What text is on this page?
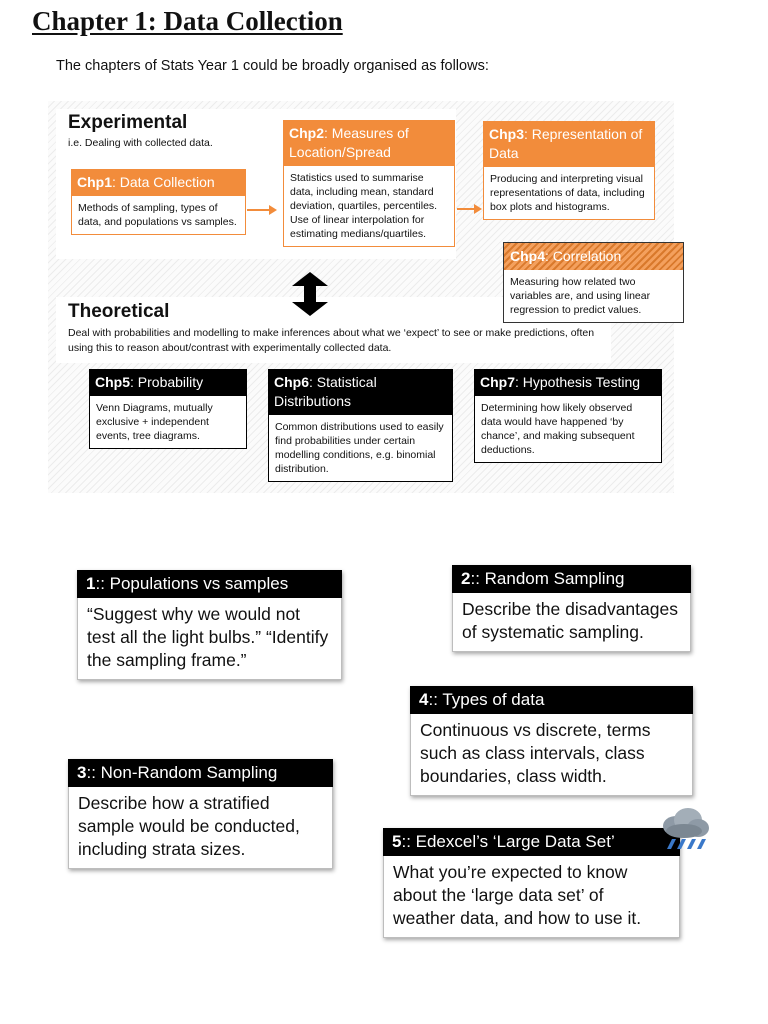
Chapter 1: Data Collection
The chapters of Stats Year 1 could be broadly organised as follows:
Experimental
i.e. Dealing with collected data.
Chp1: Data Collection
Methods of sampling, types of data, and populations vs samples.
Chp2: Measures of Location/Spread
Statistics used to summarise data, including mean, standard deviation, quartiles, percentiles. Use of linear interpolation for estimating medians/quartiles.
Chp3: Representation of Data
Producing and interpreting visual representations of data, including box plots and histograms.
Chp4: Correlation
Measuring how related two variables are, and using linear regression to predict values.
Theoretical
Deal with probabilities and modelling to make inferences about what we ‘expect’ to see or make predictions, often using this to reason about/contrast with experimentally collected data.
Chp5: Probability
Venn Diagrams, mutually exclusive + independent events, tree diagrams.
Chp6: Statistical Distributions
Common distributions used to easily find probabilities under certain modelling conditions, e.g. binomial distribution.
Chp7: Hypothesis Testing
Determining how likely observed data would have happened ‘by chance’, and making subsequent deductions.
1:: Populations vs samples
“Suggest why we would not test all the light bulbs.” “Identify the sampling frame.”
2:: Random Sampling
Describe the disadvantages of systematic sampling.
4:: Types of data
Continuous vs discrete, terms such as class intervals, class boundaries, class width.
3:: Non-Random Sampling
Describe how a stratified sample would be conducted, including strata sizes.	5:: Edexcel’s ‘Large Data Set’
What you’re expected to know about the ‘large data set’ of weather data, and how to use it.
